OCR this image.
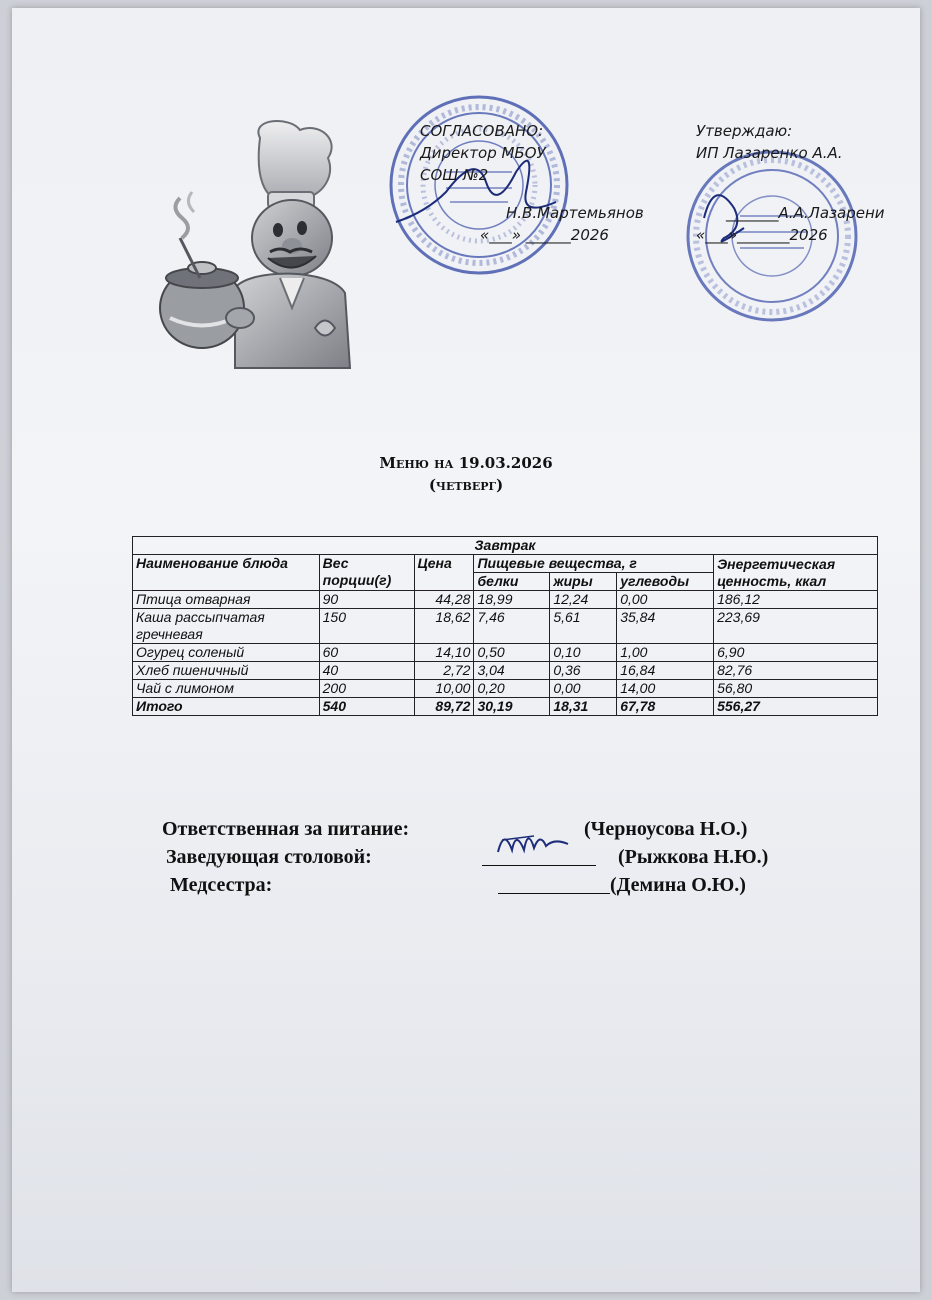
СОГЛАСОВАНО:
Директор МБОУ
СОШ №2
Н.В.Мартемьянов
«___» ______2026
Утверждаю:
ИП Лазаренко А.А.
_______А.А.Лазарени
«___»_______2026
Меню на 19.03.2026
(четверг)
Завтрак						
Наименование блюда	Вес порции(г)	Цена	Пищевые вещества, г			Энергетическая ценность, ккал
			белки	жиры	углеводы	
Птица отварная	90	44,28	18,99	12,24	0,00	186,12
Каша рассыпчатая гречневая	150	18,62	7,46	5,61	35,84	223,69
Огурец соленый	60	14,10	0,50	0,10	1,00	6,90
Хлеб пшеничный	40	2,72	3,04	0,36	16,84	82,76
Чай с лимоном	200	10,00	0,20	0,00	14,00	56,80
Итого	540	89,72	30,19	18,31	67,78	556,27
Ответственная за питание:	(Черноусова Н.О.)
Заведующая столовой:	(Рыжкова Н.Ю.)
Медсестра:	(Демина О.Ю.)
